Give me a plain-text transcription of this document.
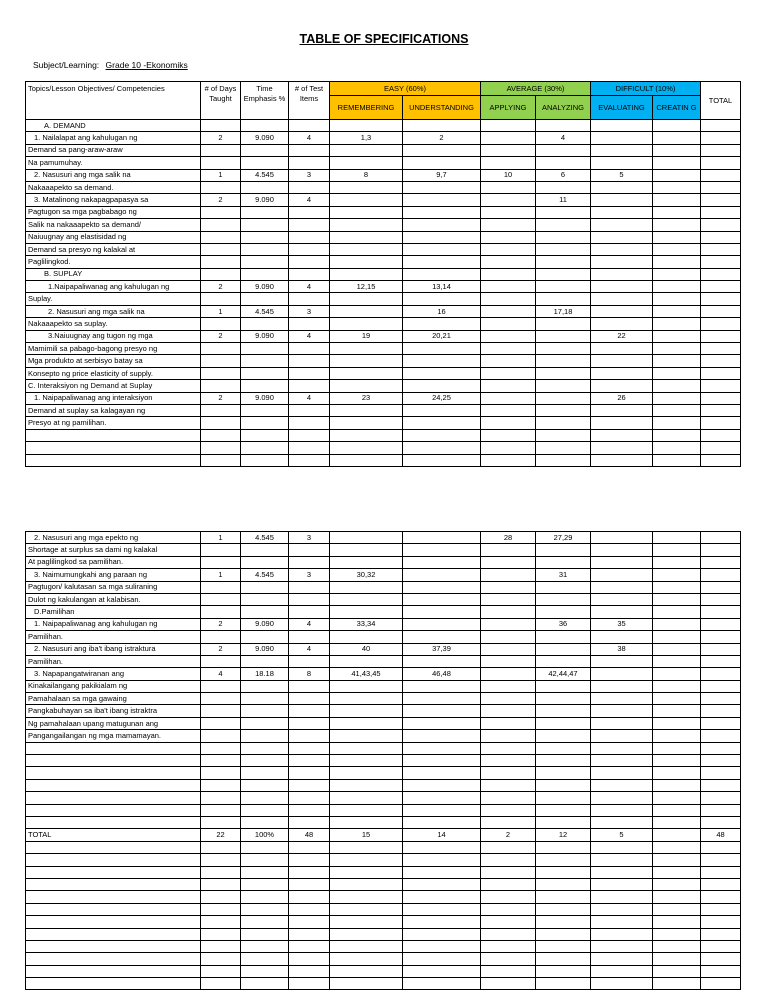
TABLE OF SPECIFICATIONS
Subject/Learning: Grade 10 -Ekonomiks
Topics/Lesson Objectives/ Competencies	# of Days Taught	Time Emphasis %	# of Test Items	EASY (60%)		AVERAGE (30%)		DIFFICULT (10%)		TOTAL
				REMEMBERING	UNDERSTANDING	APPLYING	ANALYZING	EVALUATING	CREATIN G	
A. DEMAND										
1. Nailalapat ang kahulugan ng	2	9.090	4	1,3	2		4			
Demand sa pang-araw-araw										
Na pamumuhay.										
2. Nasusuri ang mga salik na	1	4.545	3	8	9,7	10	6	5		
Nakaaapekto sa demand.										
3. Matalinong nakapagpapasya sa	2	9.090	4				11			
Pagtugon sa mga pagbabago ng										
Salik na nakaaapekto sa demand/										
Naiuugnay ang elastisidad ng										
Demand sa presyo ng kalakal at										
Paglilingkod.										
B. SUPLAY										
1.Naipapaliwanag ang kahulugan ng	2	9.090	4	12,15	13,14					
Suplay.										
2. Nasusuri ang mga salik na	1	4.545	3		16		17,18			
Nakaaapekto sa suplay.										
3.Naiuugnay ang tugon ng mga	2	9.090	4	19	20,21			22		
Mamimili sa pabago-bagong presyo ng										
Mga produkto at serbisyo batay sa										
Konsepto ng price elasticity of supply.										
C. Interaksiyon ng Demand at Suplay										
1. Naipapaliwanag ang interaksiyon	2	9.090	4	23	24,25			26		
Demand at suplay sa kalagayan ng										
Presyo at ng pamilihan.										

2. Nasusuri ang mga epekto ng	1	4.545	3			28	27,29			
Shortage at surplus sa dami ng kalakal										
At paglilingkod sa pamilihan.										
3. Naimumungkahi ang paraan ng	1	4.545	3	30,32			31			
Pagtugon/ kalutasan sa mga suliraning										
Dulot ng kakulangan at kalabisan.										
D.Pamilihan										
1. Naipapaliwanag ang kahulugan ng	2	9.090	4	33,34			36	35		
Pamilihan.										
2. Nasusuri ang iba't ibang istraktura	2	9.090	4	40	37,39			38		
Pamilihan.										
3. Napapangatwiranan ang	4	18.18	8	41,43,45	46,48		42,44,47			
Kinakailangang pakikialam ng										
Pamahalaan sa mga gawaing										
Pangkabuhayan sa iba't ibang istraktra										
Ng pamahalaan upang matugunan ang										
Pangangailangan ng mga mamamayan.										

TOTAL	22	100%	48	15	14	2	12	5		48
